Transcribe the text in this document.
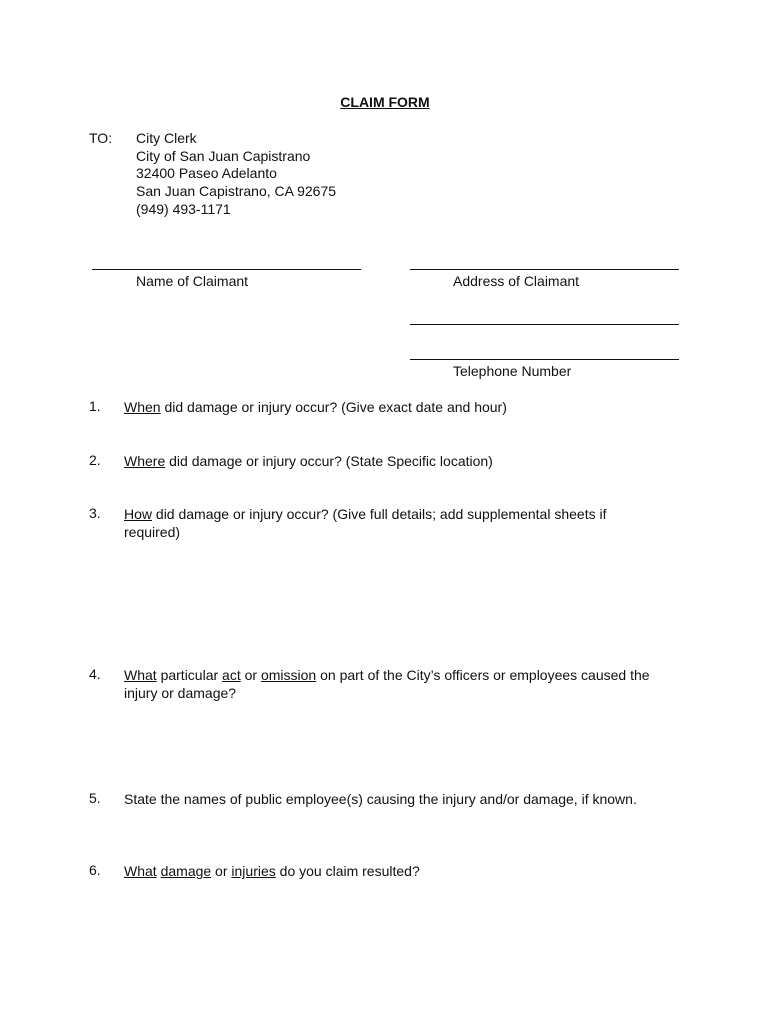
CLAIM FORM
TO: City Clerk
City of San Juan Capistrano
32400 Paseo Adelanto
San Juan Capistrano, CA 92675
(949) 493-1171
Name of Claimant	Address of Claimant
Telephone Number
1. When did damage or injury occur? (Give exact date and hour)
2. Where did damage or injury occur? (State Specific location)
3. How did damage or injury occur? (Give full details; add supplemental sheets if required)
4. What particular act or omission on part of the City’s officers or employees caused the injury or damage?
5. State the names of public employee(s) causing the injury and/or damage, if known.
6. What damage or injuries do you claim resulted?
